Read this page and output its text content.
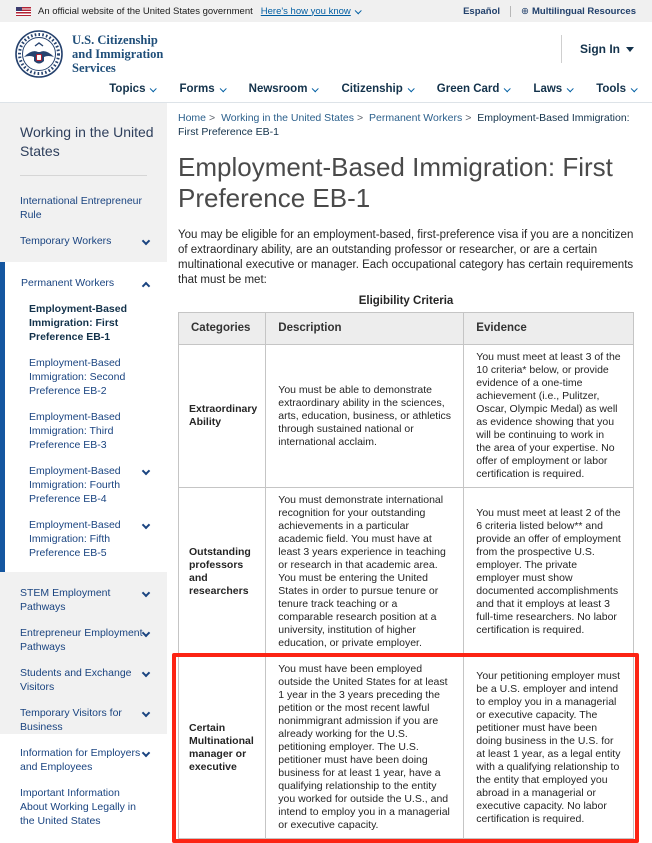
An official website of the United States government Here's how you know	Español ⊕ Multilingual Resources
U.S. Citizenship
and Immigration
Services
Sign In
Topics	Forms	Newsroom	Citizenship	Green Card	Laws	Tools
Working in the United States
International Entrepreneur Rule
Temporary Workers
Permanent Workers
Employment-Based Immigration: First Preference EB-1
Employment-Based Immigration: Second Preference EB-2
Employment-Based Immigration: Third Preference EB-3
Employment-Based Immigration: Fourth Preference EB-4
Employment-Based Immigration: Fifth Preference EB-5
STEM Employment Pathways
Entrepreneur Employment Pathways
Students and Exchange Visitors
Temporary Visitors for Business
Information for Employers and Employees
Important Information About Working Legally in the United States
Home > Working in the United States > Permanent Workers > Employment-Based Immigration: First Preference EB-1
Employment-Based Immigration: First Preference EB-1

You may be eligible for an employment-based, first-preference visa if you are a noncitizen of extraordinary ability, are an outstanding professor or researcher, or are a certain multinational executive or manager. Each occupational category has certain requirements that must be met:

Eligibility Criteria
Categories	Description	Evidence
Extraordinary Ability	You must be able to demonstrate extraordinary ability in the sciences, arts, education, business, or athletics through sustained national or international acclaim.	You must meet at least 3 of the 10 criteria* below, or provide evidence of a one-time achievement (i.e., Pulitzer, Oscar, Olympic Medal) as well as evidence showing that you will be continuing to work in the area of your expertise. No offer of employment or labor certification is required.
Outstanding professors and researchers	You must demonstrate international recognition for your outstanding achievements in a particular academic field. You must have at least 3 years experience in teaching or research in that academic area. You must be entering the United States in order to pursue tenure or tenure track teaching or a comparable research position at a university, institution of higher education, or private employer.	You must meet at least 2 of the 6 criteria listed below** and provide an offer of employment from the prospective U.S. employer. The private employer must show documented accomplishments and that it employs at least 3 full-time researchers. No labor certification is required.
Certain Multinational manager or executive	You must have been employed outside the United States for at least 1 year in the 3 years preceding the petition or the most recent lawful nonimmigrant admission if you are already working for the U.S. petitioning employer. The U.S. petitioner must have been doing business for at least 1 year, have a qualifying relationship to the entity you worked for outside the U.S., and intend to employ you in a managerial or executive capacity.	Your petitioning employer must be a U.S. employer and intend to employ you in a managerial or executive capacity. The petitioner must have been doing business in the U.S. for at least 1 year, as a legal entity with a qualifying relationship to the entity that employed you abroad in a managerial or executive capacity. No labor certification is required.
